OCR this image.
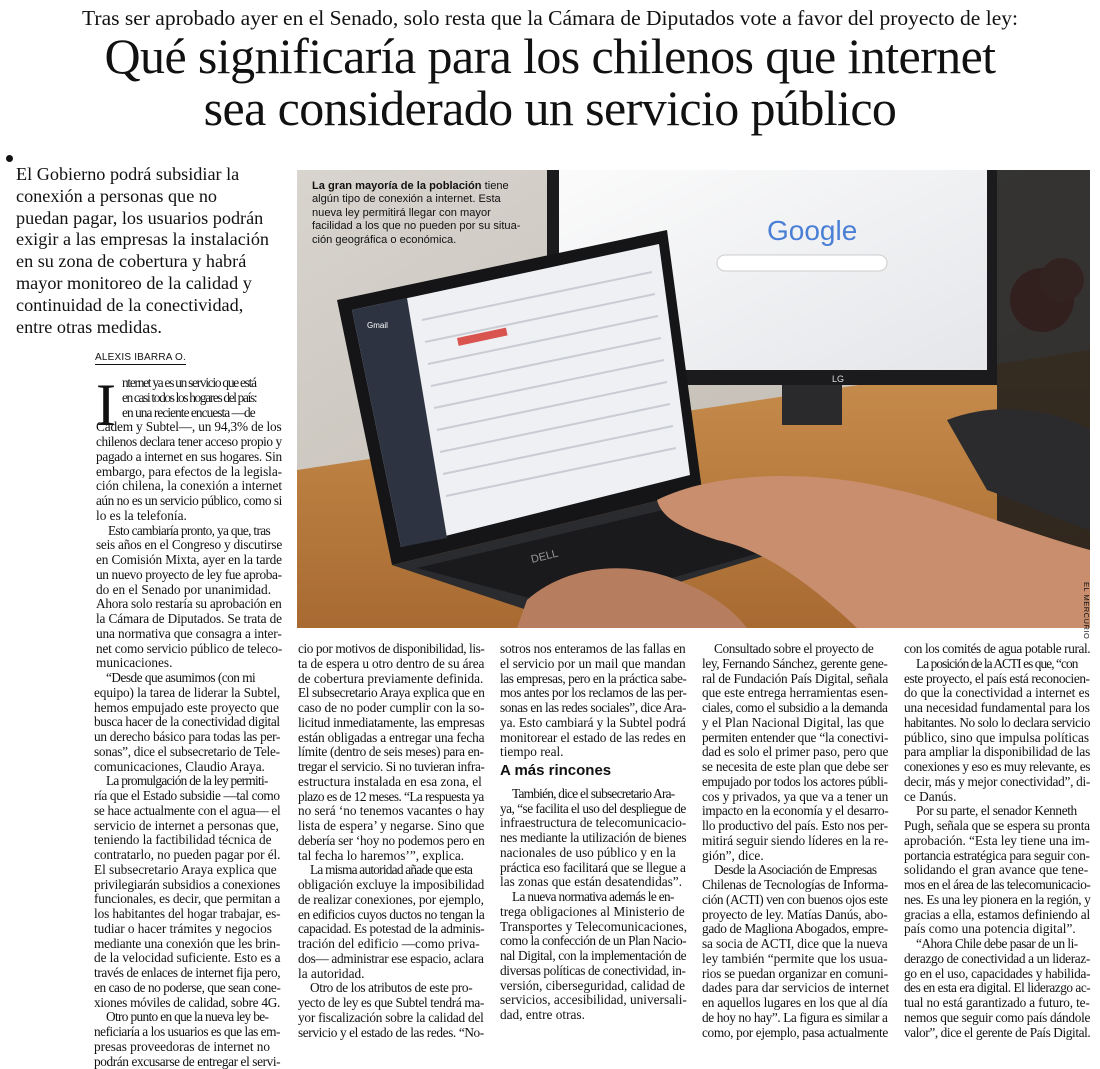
Tras ser aprobado ayer en el Senado, solo resta que la Cámara de Diputados vote a favor del proyecto de ley:
Qué significaría para los chilenos que internet
sea considerado un servicio público
El Gobierno podrá subsidiar la
conexión a personas que no
puedan pagar, los usuarios podrán
exigir a las empresas la instalación
en su zona de cobertura y habrá
mayor monitoreo de la calidad y
continuidad de la conectividad,
entre otras medidas.
ALEXIS IBARRA O.
Google
LG
Gmail
DELL
La gran mayoría de la población tiene
algún tipo de conexión a internet. Esta
nueva ley permitirá llegar con mayor
facilidad a los que no pueden por su situa-
ción geográfica o económica.
EL MERCURIO
I nternet ya es un servicio que está
en casi todos los hogares del país:
en una reciente encuesta —de
Cadem y Subtel—, un 94,3% de los
chilenos declara tener acceso propio y
pagado a internet en sus hogares. Sin
embargo, para efectos de la legisla-
ción chilena, la conexión a internet
aún no es un servicio público, como si
lo es la telefonía.
Esto cambiaría pronto, ya que, tras
seis años en el Congreso y discutirse
en Comisión Mixta, ayer en la tarde
un nuevo proyecto de ley fue aproba-
do en el Senado por unanimidad.
Ahora solo restaría su aprobación en
la Cámara de Diputados. Se trata de
una normativa que consagra a inter-
net como servicio público de teleco-
municaciones.
“Desde que asumimos (con mi
equipo) la tarea de liderar la Subtel,
hemos empujado este proyecto que
busca hacer de la conectividad digital
un derecho básico para todas las per-
sonas”, dice el subsecretario de Tele-
comunicaciones, Claudio Araya.
La promulgación de la ley permiti-
ría que el Estado subsidie —tal como
se hace actualmente con el agua— el
servicio de internet a personas que,
teniendo la factibilidad técnica de
contratarlo, no pueden pagar por él.
El subsecretario Araya explica que
privilegiarán subsidios a conexiones
funcionales, es decir, que permitan a
los habitantes del hogar trabajar, es-
tudiar o hacer trámites y negocios
mediante una conexión que les brin-
de la velocidad suficiente. Esto es a
través de enlaces de internet fija pero,
en caso de no poderse, que sean cone-
xiones móviles de calidad, sobre 4G.
Otro punto en que la nueva ley be-
neficiaría a los usuarios es que las em-
presas proveedoras de internet no
podrán excusarse de entregar el servi-
cio por motivos de disponibilidad, lis-
ta de espera u otro dentro de su área
de cobertura previamente definida.
El subsecretario Araya explica que en
caso de no poder cumplir con la so-
licitud inmediatamente, las empresas
están obligadas a entregar una fecha
límite (dentro de seis meses) para en-
tregar el servicio. Si no tuvieran infra-
estructura instalada en esa zona, el
plazo es de 12 meses. “La respuesta ya
no será ‘no tenemos vacantes o hay
lista de espera’ y negarse. Sino que
debería ser ‘hoy no podemos pero en
tal fecha lo haremos’”, explica.
La misma autoridad añade que esta
obligación excluye la imposibilidad
de realizar conexiones, por ejemplo,
en edificios cuyos ductos no tengan la
capacidad. Es potestad de la adminis-
tración del edificio —como priva-
dos— administrar ese espacio, aclara
la autoridad.
Otro de los atributos de este pro-
yecto de ley es que Subtel tendrá ma-
yor fiscalización sobre la calidad del
servicio y el estado de las redes. “No-
sotros nos enteramos de las fallas en
el servicio por un mail que mandan
las empresas, pero en la práctica sabe-
mos antes por los reclamos de las per-
sonas en las redes sociales”, dice Ara-
ya. Esto cambiará y la Subtel podrá
monitorear el estado de las redes en
tiempo real.
A más rincones
También, dice el subsecretario Ara-
ya, “se facilita el uso del despliegue de
infraestructura de telecomunicacio-
nes mediante la utilización de bienes
nacionales de uso público y en la
práctica eso facilitará que se llegue a
las zonas que están desatendidas”.
La nueva normativa además le en-
trega obligaciones al Ministerio de
Transportes y Telecomunicaciones,
como la confección de un Plan Nacio-
nal Digital, con la implementación de
diversas políticas de conectividad, in-
versión, ciberseguridad, calidad de
servicios, accesibilidad, universali-
dad, entre otras.
Consultado sobre el proyecto de
ley, Fernando Sánchez, gerente gene-
ral de Fundación País Digital, señala
que este entrega herramientas esen-
ciales, como el subsidio a la demanda
y el Plan Nacional Digital, las que
permiten entender que “la conectivi-
dad es solo el primer paso, pero que
se necesita de este plan que debe ser
empujado por todos los actores públi-
cos y privados, ya que va a tener un
impacto en la economía y el desarro-
llo productivo del país. Esto nos per-
mitirá seguir siendo líderes en la re-
gión”, dice.
Desde la Asociación de Empresas
Chilenas de Tecnologías de Informa-
ción (ACTI) ven con buenos ojos este
proyecto de ley. Matías Danús, abo-
gado de Magliona Abogados, empre-
sa socia de ACTI, dice que la nueva
ley también “permite que los usua-
rios se puedan organizar en comuni-
dades para dar servicios de internet
en aquellos lugares en los que al día
de hoy no hay”. La figura es similar a
como, por ejemplo, pasa actualmente
con los comités de agua potable rural.
La posición de la ACTI es que, “con
este proyecto, el país está reconocien-
do que la conectividad a internet es
una necesidad fundamental para los
habitantes. No solo lo declara servicio
público, sino que impulsa políticas
para ampliar la disponibilidad de las
conexiones y eso es muy relevante, es
decir, más y mejor conectividad”, di-
ce Danús.
Por su parte, el senador Kenneth
Pugh, señala que se espera su pronta
aprobación. “Esta ley tiene una im-
portancia estratégica para seguir con-
solidando el gran avance que tene-
mos en el área de las telecomunicacio-
nes. Es una ley pionera en la región, y
gracias a ella, estamos definiendo al
país como una potencia digital”.
“Ahora Chile debe pasar de un li-
derazgo de conectividad a un lideraz-
go en el uso, capacidades y habilida-
des en esta era digital. El liderazgo ac-
tual no está garantizado a futuro, te-
nemos que seguir como país dándole
valor”, dice el gerente de País Digital.
